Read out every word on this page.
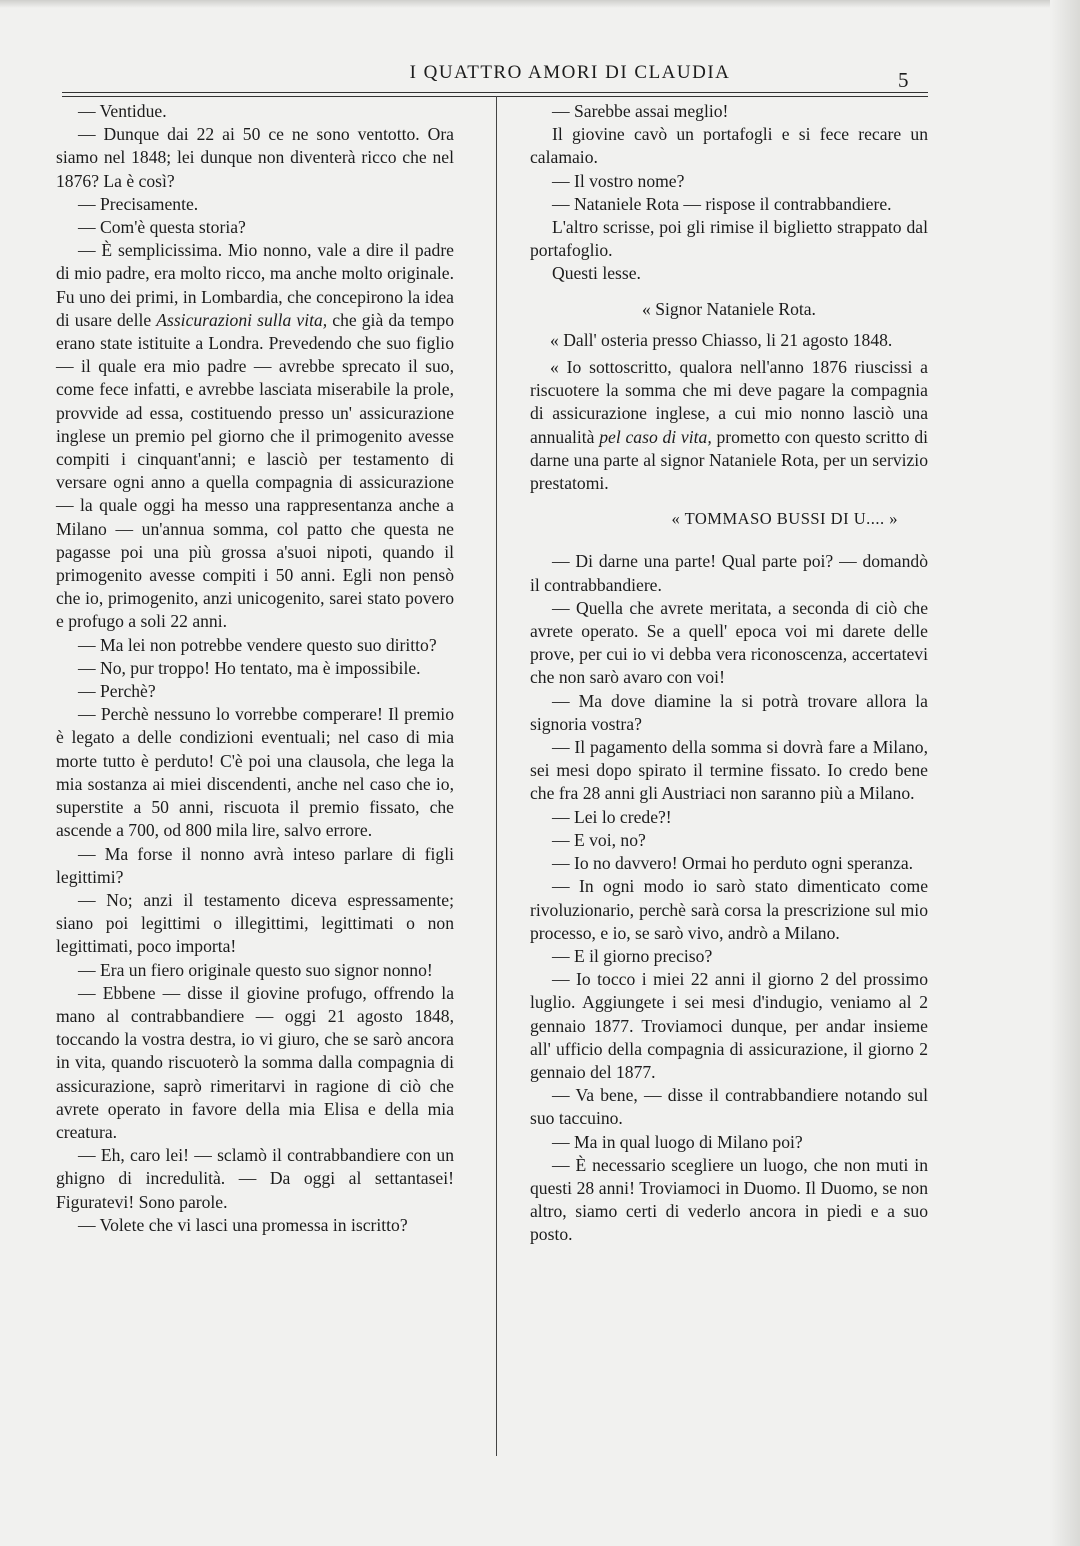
I QUATTRO AMORI DI CLAUDIA	5

— Ventidue.

— Dunque dai 22 ai 50 ce ne sono ventotto. Ora siamo nel 1848; lei dunque non diventerà ricco che nel 1876? La è così?

— Precisamente.

— Com'è questa storia?

— È semplicissima. Mio nonno, vale a dire il padre di mio padre, era molto ricco, ma anche molto originale. Fu uno dei primi, in Lombardia, che concepirono la idea di usare delle Assicurazioni sulla vita, che già da tempo erano state istituite a Londra. Prevedendo che suo figlio — il quale era mio padre — avrebbe sprecato il suo, come fece infatti, e avrebbe lasciata miserabile la prole, provvide ad essa, costituendo presso un' assicurazione inglese un premio pel giorno che il primogenito avesse compiti i cinquant'anni; e lasciò per testamento di versare ogni anno a quella compagnia di assicurazione — la quale oggi ha messo una rappresentanza anche a Milano — un'annua somma, col patto che questa ne pagasse poi una più grossa a'suoi nipoti, quando il primogenito avesse compiti i 50 anni. Egli non pensò che io, primogenito, anzi unicogenito, sarei stato povero e profugo a soli 22 anni.

— Ma lei non potrebbe vendere questo suo diritto?

— No, pur troppo! Ho tentato, ma è impossibile.

— Perchè?

— Perchè nessuno lo vorrebbe comperare! Il premio è legato a delle condizioni eventuali; nel caso di mia morte tutto è perduto! C'è poi una clausola, che lega la mia sostanza ai miei discendenti, anche nel caso che io, superstite a 50 anni, riscuota il premio fissato, che ascende a 700, od 800 mila lire, salvo errore.

— Ma forse il nonno avrà inteso parlare di figli legittimi?

— No; anzi il testamento diceva espressamente; siano poi legittimi o illegittimi, legittimati o non legittimati, poco importa!

— Era un fiero originale questo suo signor nonno!

— Ebbene — disse il giovine profugo, offrendo la mano al contrabbandiere — oggi 21 agosto 1848, toccando la vostra destra, io vi giuro, che se sarò ancora in vita, quando riscuoterò la somma dalla compagnia di assicurazione, saprò rimeritarvi in ragione di ciò che avrete operato in favore della mia Elisa e della mia creatura.

— Eh, caro lei! — sclamò il contrabbandiere con un ghigno di incredulità. — Da oggi al settantasei! Figuratevi! Sono parole.

— Volete che vi lasci una promessa in iscritto?

— Sarebbe assai meglio!

Il giovine cavò un portafogli e si fece recare un calamaio.

— Il vostro nome?

— Nataniele Rota — rispose il contrabbandiere.

L'altro scrisse, poi gli rimise il biglietto strappato dal portafoglio.

Questi lesse.

« Signor Nataniele Rota.

« Dall' osteria presso Chiasso, li 21 agosto 1848.

« Io sottoscritto, qualora nell'anno 1876 riuscissi a riscuotere la somma che mi deve pagare la compagnia di assicurazione inglese, a cui mio nonno lasciò una annualità pel caso di vita, prometto con questo scritto di darne una parte al signor Nataniele Rota, per un servizio prestatomi.

« TOMMASO BUSSI DI U.... »

— Di darne una parte! Qual parte poi? — domandò il contrabbandiere.

— Quella che avrete meritata, a seconda di ciò che avrete operato. Se a quell' epoca voi mi darete delle prove, per cui io vi debba vera riconoscenza, accertatevi che non sarò avaro con voi!

— Ma dove diamine la si potrà trovare allora la signoria vostra?

— Il pagamento della somma si dovrà fare a Milano, sei mesi dopo spirato il termine fissato. Io credo bene che fra 28 anni gli Austriaci non saranno più a Milano.

— Lei lo crede?!

— E voi, no?

— Io no davvero! Ormai ho perduto ogni speranza.

— In ogni modo io sarò stato dimenticato come rivoluzionario, perchè sarà corsa la prescrizione sul mio processo, e io, se sarò vivo, andrò a Milano.

— E il giorno preciso?

— Io tocco i miei 22 anni il giorno 2 del prossimo luglio. Aggiungete i sei mesi d'indugio, veniamo al 2 gennaio 1877. Troviamoci dunque, per andar insieme all' ufficio della compagnia di assicurazione, il giorno 2 gennaio del 1877.

— Va bene, — disse il contrabbandiere notando sul suo taccuino.

— Ma in qual luogo di Milano poi?

— È necessario scegliere un luogo, che non muti in questi 28 anni! Troviamoci in Duomo. Il Duomo, se non altro, siamo certi di vederlo ancora in piedi e a suo posto.
